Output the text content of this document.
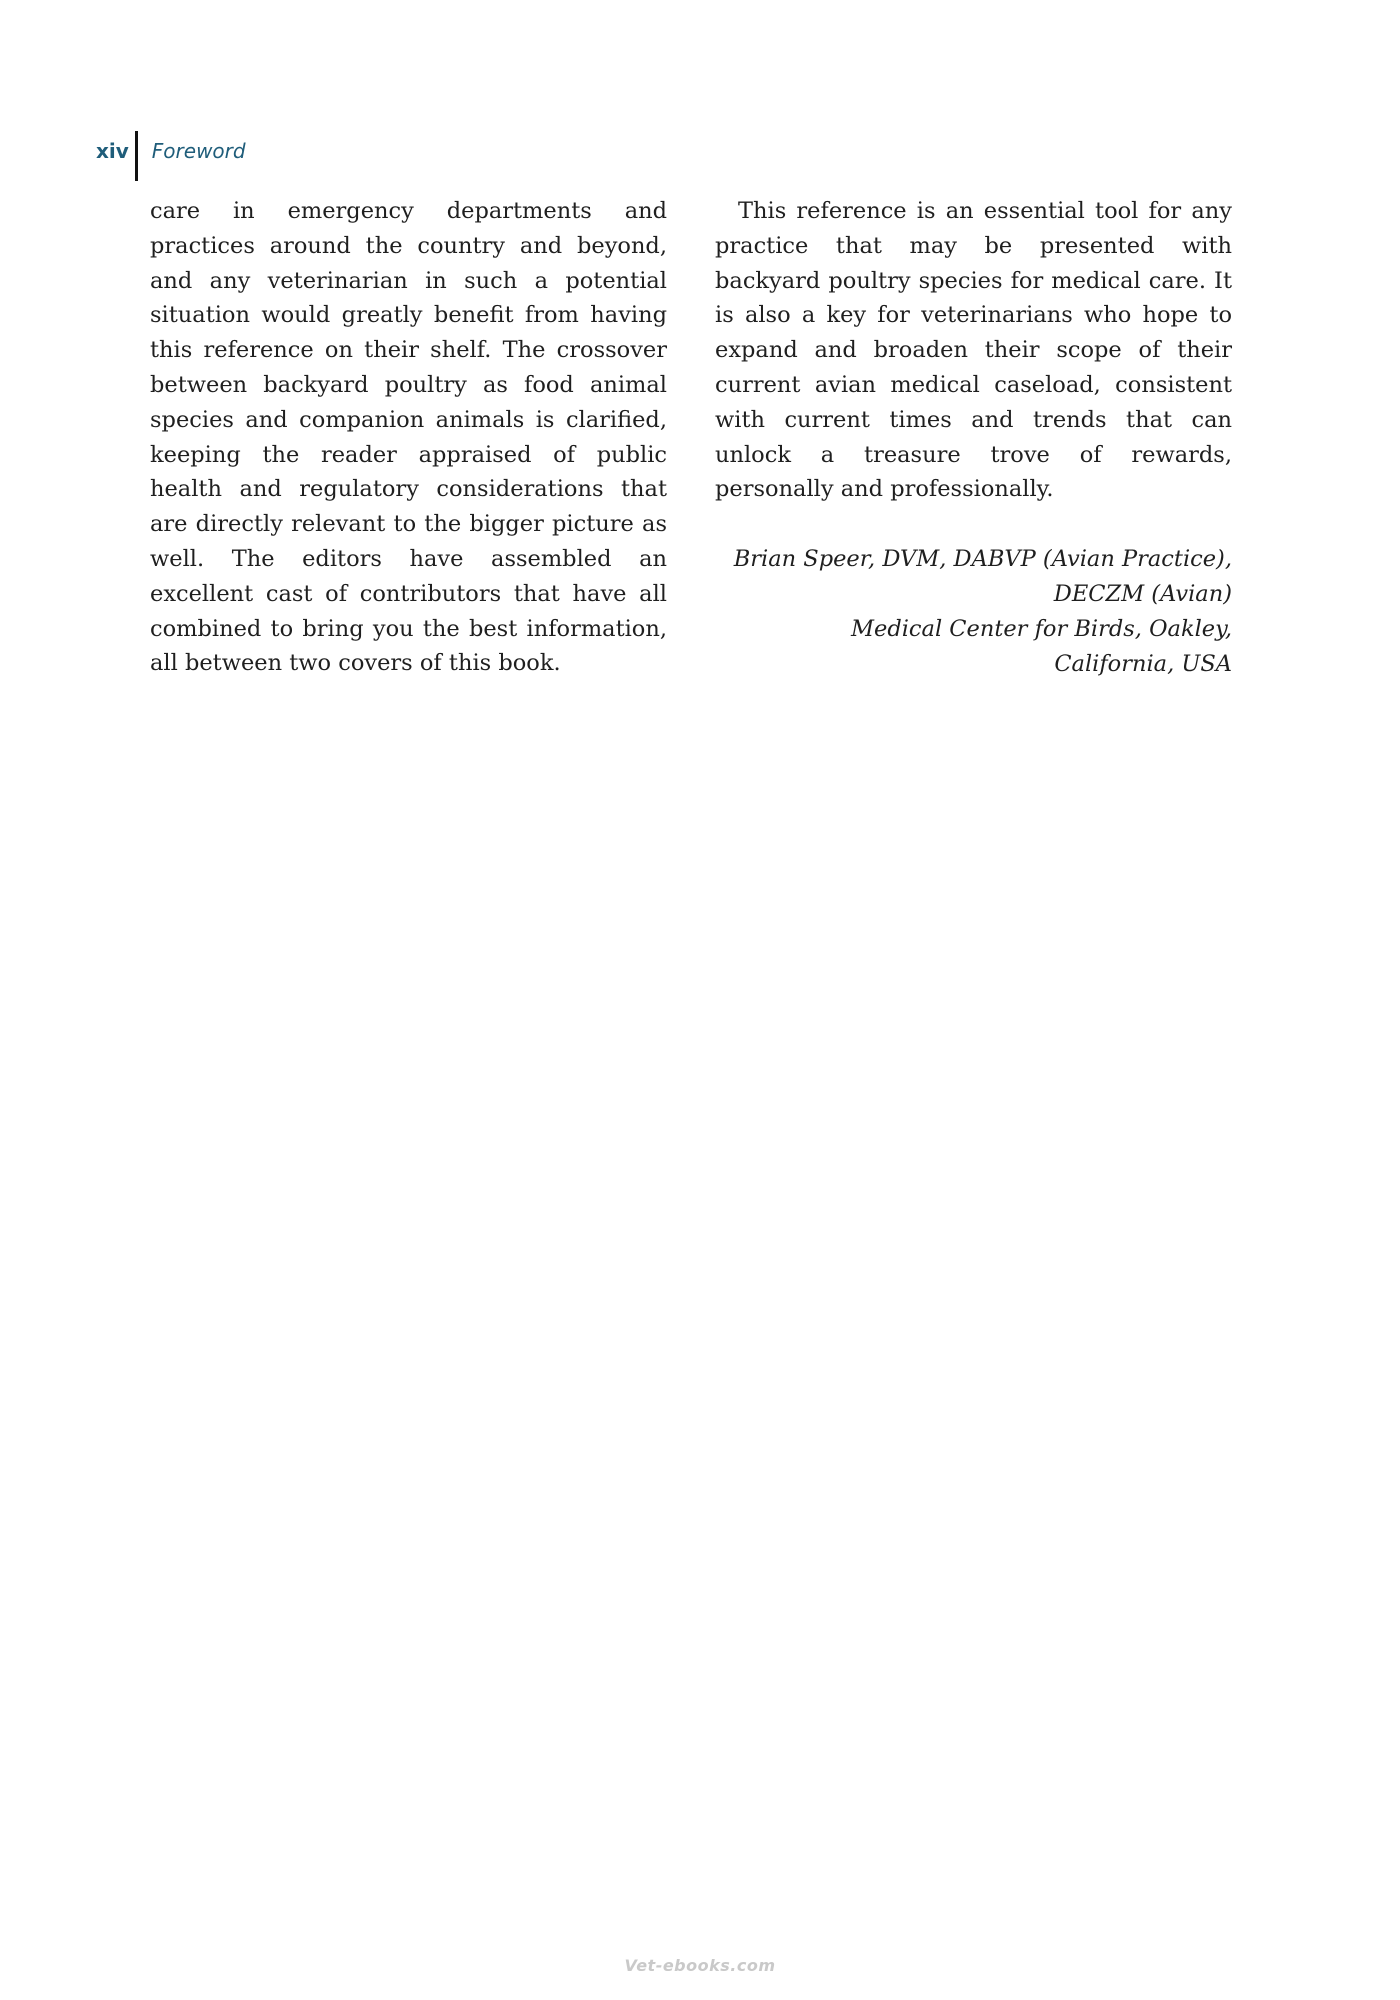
xiv	Foreword

care in emergency departments and practices around the country and beyond, and any veterinarian in such a potential situation would greatly benefit from having this reference on their shelf. The crossover between backyard poultry as food animal species and companion animals is clarified, keeping the reader appraised of public health and regulatory considerations that are directly relevant to the bigger picture as well. The editors have assembled an excellent cast of contributors that have all combined to bring you the best information, all between two covers of this book.

This reference is an essential tool for any practice that may be presented with backyard poultry species for medical care. It is also a key for veterinarians who hope to expand and broaden their scope of their current avian medical caseload, consistent with current times and trends that can unlock a treasure trove of rewards, personally and professionally.

Brian Speer, DVM, DABVP (Avian Practice),
DECZM (Avian)
Medical Center for Birds, Oakley,
California, USA
Vet-ebooks.com
